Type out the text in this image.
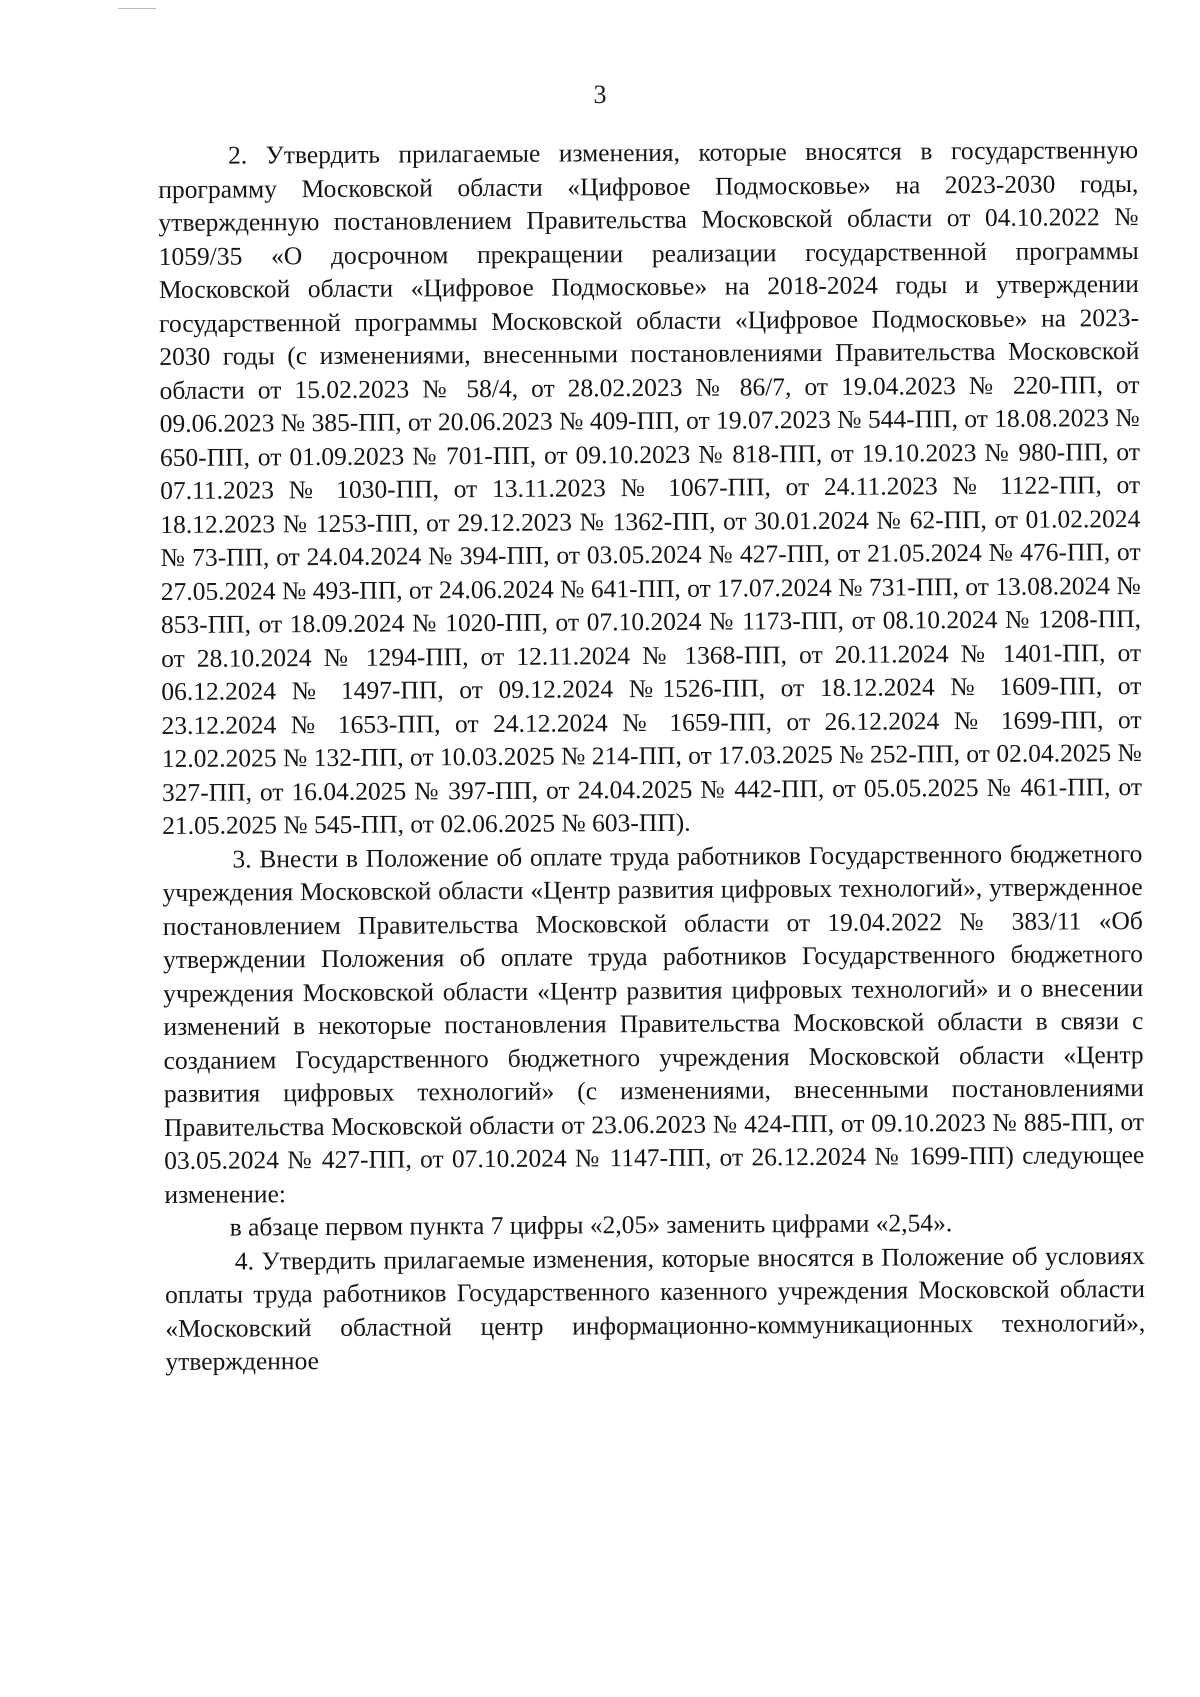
3

2. Утвердить прилагаемые изменения, которые вносятся в государственную программу Московской области «Цифровое Подмосковье» на 2023-2030 годы, утвержденную постановлением Правительства Московской области от 04.10.2022 № 1059/35 «О досрочном прекращении реализации государственной программы Московской области «Цифровое Подмосковье» на 2018-2024 годы и утверждении государственной программы Московской области «Цифровое Подмосковье» на 2023-2030 годы (с изменениями, внесенными постановлениями Правительства Московской области от 15.02.2023 № 58/4, от 28.02.2023 № 86/7, от 19.04.2023 № 220-ПП, от 09.06.2023 № 385-ПП, от 20.06.2023 № 409-ПП, от 19.07.2023 № 544-ПП, от 18.08.2023 № 650-ПП, от 01.09.2023 № 701-ПП, от 09.10.2023 № 818-ПП, от 19.10.2023 № 980-ПП, от 07.11.2023 № 1030-ПП, от 13.11.2023 № 1067-ПП, от 24.11.2023 № 1122-ПП, от 18.12.2023 № 1253-ПП, от 29.12.2023 № 1362-ПП, от 30.01.2024 № 62-ПП, от 01.02.2024 № 73-ПП, от 24.04.2024 № 394-ПП, от 03.05.2024 № 427-ПП, от 21.05.2024 № 476-ПП, от 27.05.2024 № 493-ПП, от 24.06.2024 № 641-ПП, от 17.07.2024 № 731-ПП, от 13.08.2024 № 853-ПП, от 18.09.2024 № 1020-ПП, от 07.10.2024 № 1173-ПП, от 08.10.2024 № 1208-ПП, от 28.10.2024 № 1294-ПП, от 12.11.2024 № 1368-ПП, от 20.11.2024 № 1401-ПП, от 06.12.2024 № 1497-ПП, от 09.12.2024 №1526-ПП, от 18.12.2024 № 1609-ПП, от 23.12.2024 № 1653-ПП, от 24.12.2024 № 1659-ПП, от 26.12.2024 № 1699-ПП, от 12.02.2025 № 132-ПП, от 10.03.2025 № 214-ПП, от 17.03.2025 № 252-ПП, от 02.04.2025 № 327-ПП, от 16.04.2025 № 397-ПП, от 24.04.2025 № 442-ПП, от 05.05.2025 № 461-ПП, от 21.05.2025 № 545-ПП, от 02.06.2025 № 603-ПП).

3. Внести в Положение об оплате труда работников Государственного бюджетного учреждения Московской области «Центр развития цифровых технологий», утвержденное постановлением Правительства Московской области от 19.04.2022 № 383/11 «Об утверждении Положения об оплате труда работников Государственного бюджетного учреждения Московской области «Центр развития цифровых технологий» и о внесении изменений в некоторые постановления Правительства Московской области в связи с созданием Государственного бюджетного учреждения Московской области «Центр развития цифровых технологий» (с изменениями, внесенными постановлениями Правительства Московской области от 23.06.2023 № 424-ПП, от 09.10.2023 № 885-ПП, от 03.05.2024 № 427-ПП, от 07.10.2024 № 1147-ПП, от 26.12.2024 № 1699-ПП) следующее изменение:

в абзаце первом пункта 7 цифры «2,05» заменить цифрами «2,54».

4. Утвердить прилагаемые изменения, которые вносятся в Положение об условиях оплаты труда работников Государственного казенного учреждения Московской области «Московский областной центр информационно-коммуникационных технологий», утвержденное
